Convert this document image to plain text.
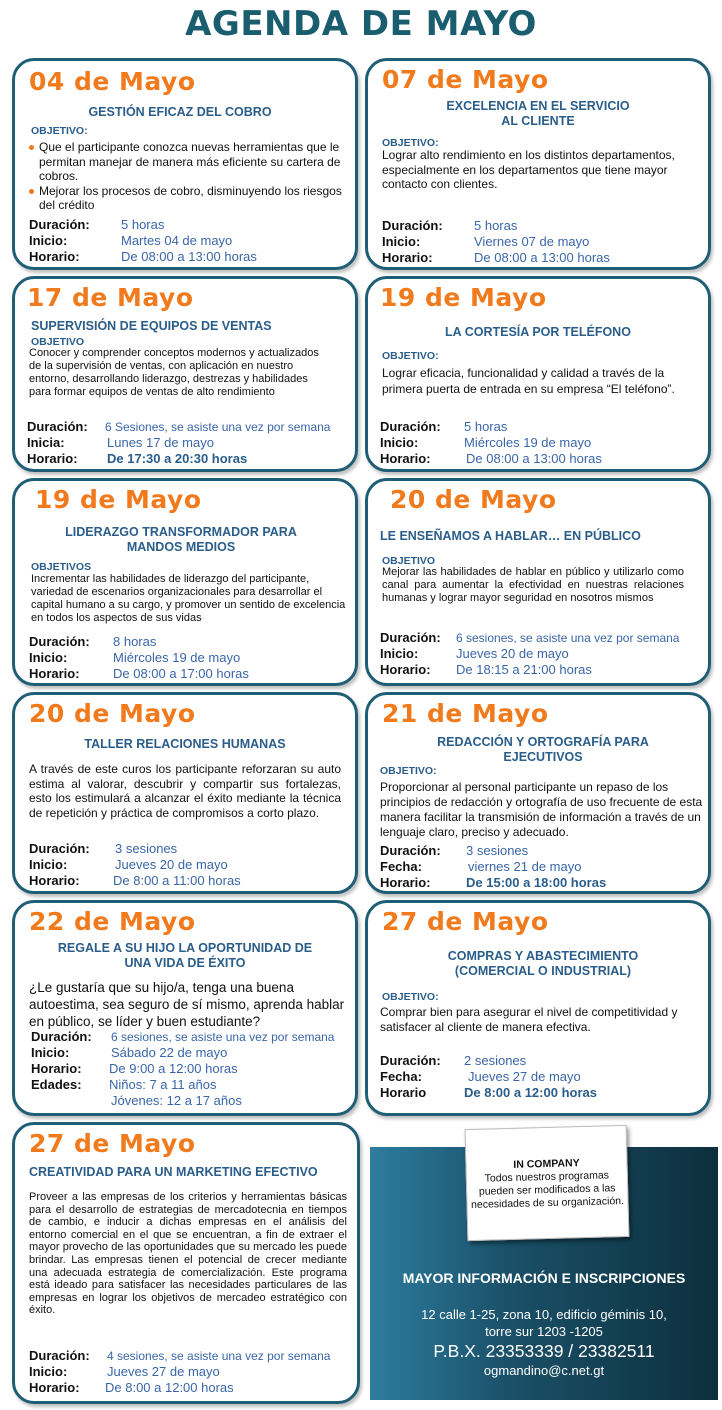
AGENDA DE MAYO
04 de Mayo
GESTIÓN EFICAZ DEL COBRO
OBJETIVO:
Que el participante conozca nuevas herramientas que le permitan manejar de manera más eficiente su cartera de cobros.
Mejorar los procesos de cobro, disminuyendo los riesgos del crédito
Duración: 5 horas
Inicio:	Martes 04 de mayo
Horario:	De 08:00 a 13:00 horas
07 de Mayo
EXCELENCIA EN EL SERVICIO AL CLIENTE
OBJETIVO:
Lograr alto rendimiento en los distintos departamentos, especialmente en los departamentos que tiene mayor contacto con clientes.
Duración: 5 horas
Inicio:	Viernes 07 de mayo
Horario:	De 08:00 a 13:00 horas
17 de Mayo
SUPERVISIÓN DE EQUIPOS DE VENTAS
OBJETIVO
Conocer y comprender conceptos modernos y actualizados de la supervisión de ventas, con aplicación en nuestro entorno, desarrollando liderazgo, destrezas y habilidades para formar equipos de ventas de alto rendimiento
Duración: 6 Sesiones, se asiste una vez por semana
Inicia:	Lunes 17 de mayo
Horario: De 17:30 a 20:30 horas
19 de Mayo
LA CORTESÍA POR TELÉFONO
OBJETIVO:
Lograr eficacia, funcionalidad y calidad a través de la primera puerta de entrada en su empresa “El teléfono”.
Duración: 5 horas
Inicio:	Miércoles 19 de mayo
Horario:	De 08:00 a 13:00 horas
19 de Mayo
LIDERAZGO TRANSFORMADOR PARA MANDOS MEDIOS
OBJETIVOS
Incrementar las habilidades de liderazgo del participante, variedad de escenarios organizacionales para desarrollar el capital humano a su cargo, y promover un sentido de excelencia en todos los aspectos de sus vidas
Duración: 8 horas
Inicio:	Miércoles 19 de mayo
Horario:	De 08:00 a 17:00 horas
20 de Mayo
LE ENSEÑAMOS A HABLAR… EN PÚBLICO
OBJETIVO
Mejorar las habilidades de hablar en público y utilizarlo como canal para aumentar la efectividad en nuestras relaciones humanas y lograr mayor seguridad en nosotros mismos
Duración: 6 sesiones, se asiste una vez por semana
Inicio:	Jueves 20 de mayo
Horario: De 18:15 a 21:00 horas
20 de Mayo
TALLER RELACIONES HUMANAS
A través de este curos los participante reforzaran su auto estima al valorar, descubrir y compartir sus fortalezas, esto los estimulará a alcanzar el éxito mediante la técnica de repetición y práctica de compromisos a corto plazo.
Duración: 3 sesiones
Inicio:	Jueves 20 de mayo
Horario:	De 8:00 a 11:00 horas
21 de Mayo
REDACCIÓN Y ORTOGRAFÍA PARA EJECUTIVOS
OBJETIVO:
Proporcionar al personal participante un repaso de los principios de redacción y ortografía de uso frecuente de esta manera facilitar la transmisión de información a través de un lenguaje claro, preciso y adecuado.
Duración: 3 sesiones
Fecha:	viernes 21 de mayo
Horario:	De 15:00 a 18:00 horas
22 de Mayo
REGALE A SU HIJO LA OPORTUNIDAD DE UNA VIDA DE ÉXITO
¿Le gustaría que su hijo/a, tenga una buena autoestima, sea seguro de sí mismo, aprenda hablar en público, se líder y buen estudiante?
Duración: 6 sesiones, se asiste una vez por semana
Inicio:	Sábado 22 de mayo
Horario: De 9:00 a 12:00 horas
Edades: Niños: 7 a 11 años
Jóvenes: 12 a 17 años
27 de Mayo
COMPRAS Y ABASTECIMIENTO (COMERCIAL O INDUSTRIAL)
OBJETIVO:
Comprar bien para asegurar el nivel de competitividad y satisfacer al cliente de manera efectiva.
Duración: 2 sesiones
Fecha:	Jueves 27 de mayo
Horario	De 8:00 a 12:00 horas
27 de Mayo
CREATIVIDAD PARA UN MARKETING EFECTIVO
Proveer a las empresas de los criterios y herramientas básicas para el desarrollo de estrategias de mercadotecnia en tiempos de cambio, e inducir a dichas empresas en el análisis del entorno comercial en el que se encuentran, a fin de extraer el mayor provecho de las oportunidades que su mercado les puede brindar. Las empresas tienen el potencial de crecer mediante una adecuada estrategia de comercialización. Este programa está ideado para satisfacer las necesidades particulares de las empresas en lograr los objetivos de mercadeo estratégico con éxito.
Duración: 4 sesiones, se asiste una vez por semana
Inicio:	Jueves 27 de mayo
Horario: De 8:00 a 12:00 horas
IN COMPANY
Todos nuestros programas pueden ser modificados a las necesidades de su organización.
MAYOR INFORMACIÓN E INSCRIPCIONES
12 calle 1-25, zona 10, edificio géminis 10,
torre sur 1203 -1205
P.B.X. 23353339 / 23382511
ogmandino@c.net.gt
